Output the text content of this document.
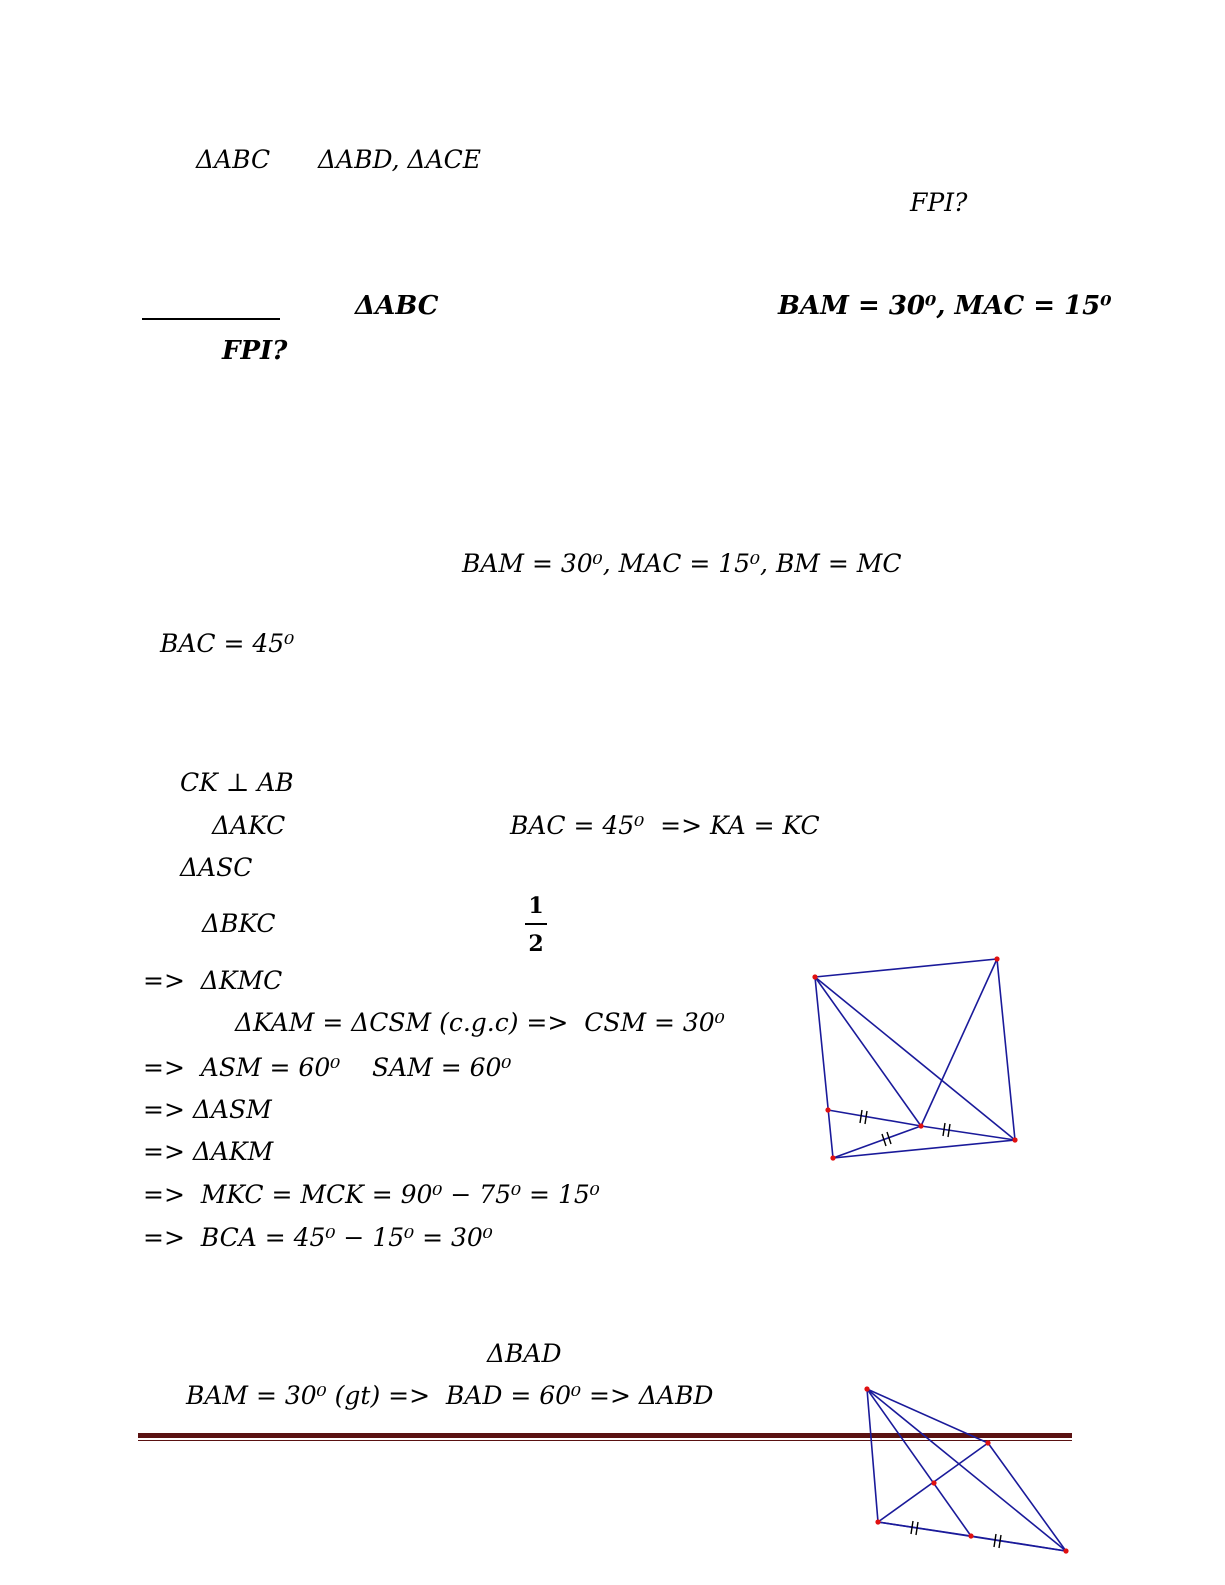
ΔABC ΔABD, ΔACE
FPI?
ΔABC	BAM = 30⁰, MAC = 15⁰
FPI?
BAM = 30⁰, MAC = 15⁰, BM = MC
BAC = 45⁰
CK ⊥ AB
ΔAKC	BAC = 45⁰  => KA = KC
ΔASC
ΔBKC
1
2
=>  ΔKMC
ΔKAM = ΔCSM (c.g.c) =>  CSM = 30⁰
=>  ASM = 60⁰ SAM = 60⁰
=> ΔASM
=> ΔAKM
=>  MKC = MCK = 90⁰ − 75⁰ = 15⁰
=>  BCA = 45⁰ − 15⁰ = 30⁰
ΔBAD
BAM = 30⁰ (gt) =>  BAD = 60⁰ => ΔABD
